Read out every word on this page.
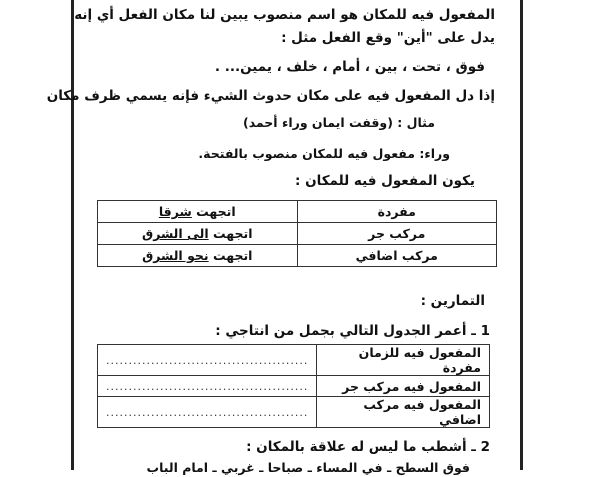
المفعول فيه للمكان هو اسم منصوب يبين لنا مكان الفعل أي إنه
يدل على "أين" وقع الفعل مثل :
فوق ، تحت ، بين ، أمام ، خلف ، يمين... .
إذا دل المفعول فيه على مكان حدوث الشيء فإنه يسمي ظرف مكان
مثال : (وقفت ايمان وراء أحمد)
وراء: مفعول فيه للمكان منصوب بالفتحة.
يكون المفعول فيه للمكان :
مفردة	اتجهت شرقا
مركب جر	اتجهت الى الشرق
مركب اضافي	اتجهت نحو الشرق
التمارين :
1 ـ أعمر الجدول التالي بجمل من انتاجي :
المفعول فيه للزمان مفردة	.............................................
المفعول فيه مركب جر	.............................................
المفعول فيه مركب اضافي	.............................................
2 ـ أشطب ما ليس له علاقة بالمكان :
فوق السطح ـ في المساء ـ صباحا ـ غربي ـ امام الباب
